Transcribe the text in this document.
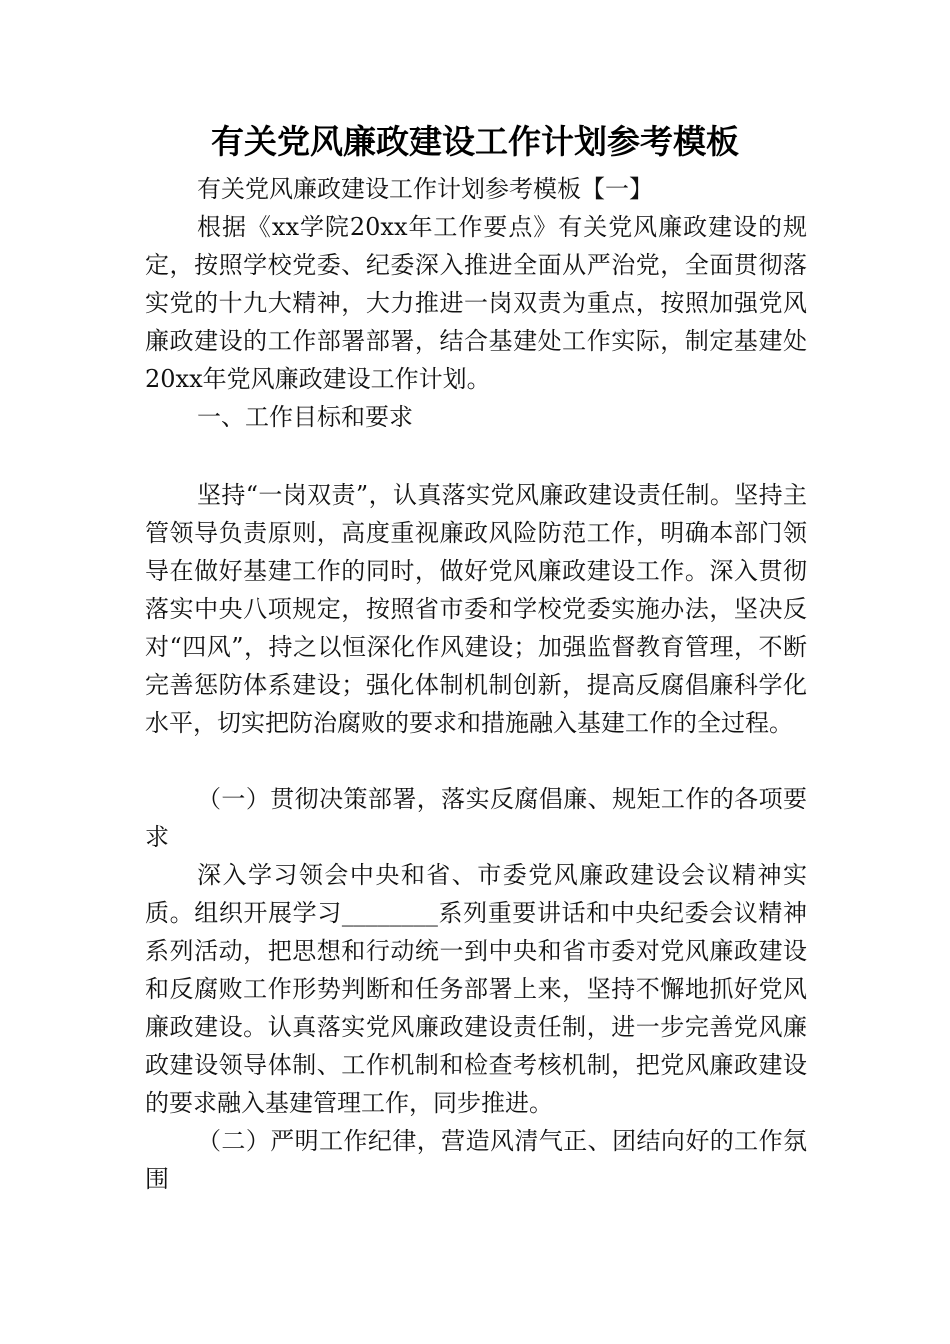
有关党风廉政建设工作计划参考模板

有关党风廉政建设工作计划参考模板【一】

根据《xx学院20xx年工作要点》有关党风廉政建设的规定，按照学校党委、纪委深入推进全面从严治党，全面贯彻落实党的十九大精神，大力推进一岗双责为重点，按照加强党风廉政建设的工作部署部署，结合基建处工作实际，制定基建处20xx年党风廉政建设工作计划。

一、工作目标和要求

坚持“一岗双责”，认真落实党风廉政建设责任制。坚持主管领导负责原则，高度重视廉政风险防范工作，明确本部门领导在做好基建工作的同时，做好党风廉政建设工作。深入贯彻落实中央八项规定，按照省市委和学校党委实施办法，坚决反对“四风”，持之以恒深化作风建设；加强监督教育管理，不断完善惩防体系建设；强化体制机制创新，提高反腐倡廉科学化水平，切实把防治腐败的要求和措施融入基建工作的全过程。

（一）贯彻决策部署，落实反腐倡廉、规矩工作的各项要求

深入学习领会中央和省、市委党风廉政建设会议精神实质。组织开展学习________系列重要讲话和中央纪委会议精神系列活动，把思想和行动统一到中央和省市委对党风廉政建设和反腐败工作形势判断和任务部署上来，坚持不懈地抓好党风廉政建设。认真落实党风廉政建设责任制，进一步完善党风廉政建设领导体制、工作机制和检查考核机制，把党风廉政建设的要求融入基建管理工作，同步推进。

（二）严明工作纪律，营造风清气正、团结向好的工作氛围
